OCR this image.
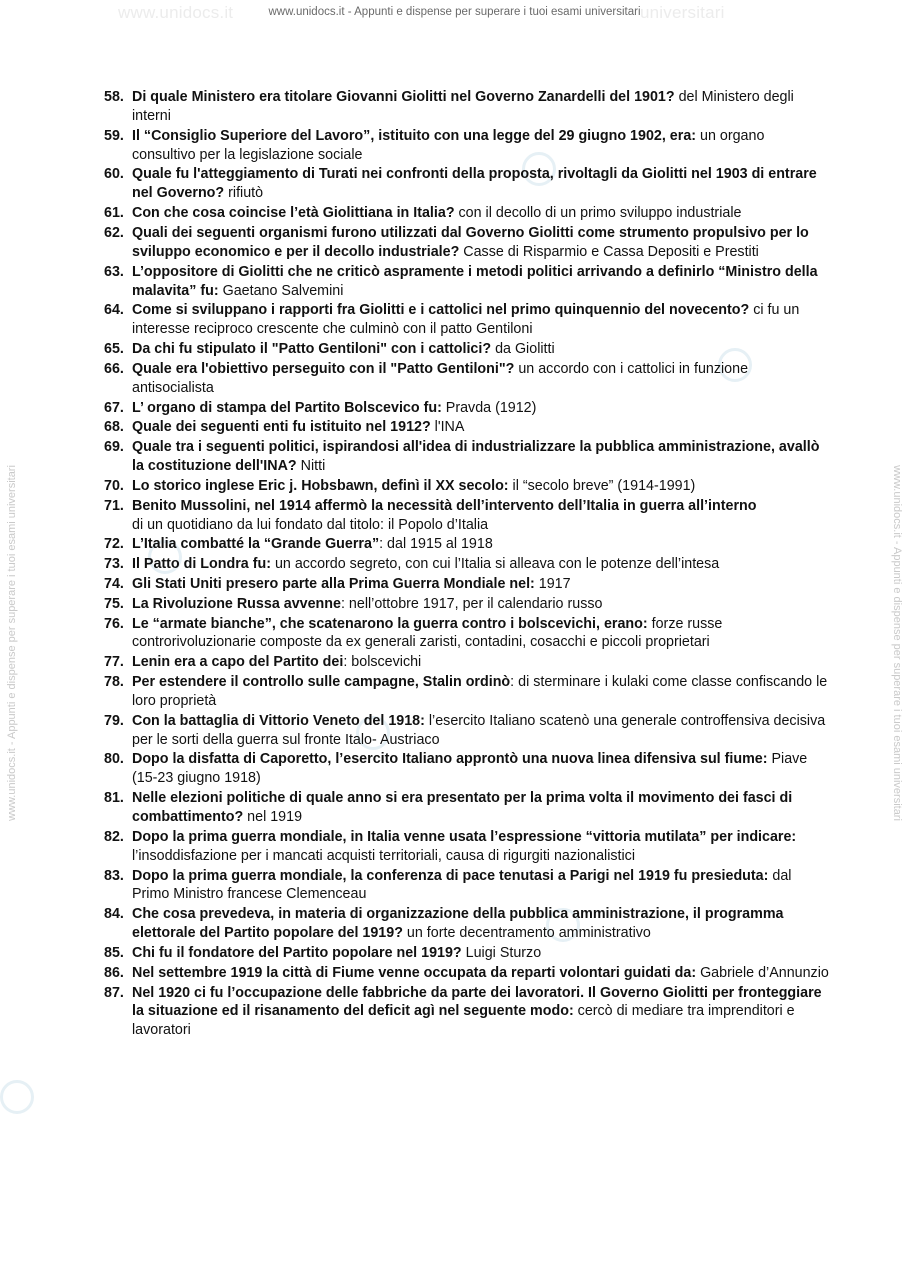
www.unidocs.it	universitari
www.unidocs.it - Appunti e dispense per superare i tuoi esami universitari
www.unidocs.it - Appunti e dispense per superare i tuoi esami universitari	www.unidocs.it - Appunti e dispense per superare i tuoi esami universitari
58. Di quale Ministero era titolare Giovanni Giolitti nel Governo Zanardelli del 1901? del Ministero degli interni
59. Il “Consiglio Superiore del Lavoro”, istituito con una legge del 29 giugno 1902, era: un organo consultivo per la legislazione sociale
60. Quale fu l'atteggiamento di Turati nei confronti della proposta, rivoltagli da Giolitti nel 1903 di entrare nel Governo? rifiutò
61. Con che cosa coincise l’età Giolittiana in Italia? con il decollo di un primo sviluppo industriale
62. Quali dei seguenti organismi furono utilizzati dal Governo Giolitti come strumento propulsivo per lo sviluppo economico e per il decollo industriale? Casse di Risparmio e Cassa Depositi e Prestiti
63. L’oppositore di Giolitti che ne criticò aspramente i metodi politici arrivando a definirlo “Ministro della malavita” fu: Gaetano Salvemini
64. Come si sviluppano i rapporti fra Giolitti e i cattolici nel primo quinquennio del novecento? ci fu un interesse reciproco crescente che culminò con il patto Gentiloni
65. Da chi fu stipulato il "Patto Gentiloni" con i cattolici? da Giolitti
66. Quale era l'obiettivo perseguito con il "Patto Gentiloni"? un accordo con i cattolici in funzione antisocialista
67. L’ organo di stampa del Partito Bolscevico fu: Pravda (1912)
68. Quale dei seguenti enti fu istituito nel 1912? l'INA
69. Quale tra i seguenti politici, ispirandosi all'idea di industrializzare la pubblica amministrazione, avallò la costituzione dell'INA? Nitti
70. Lo storico inglese Eric j. Hobsbawn, definì il XX secolo: il “secolo breve” (1914-1991)
71. Benito Mussolini, nel 1914 affermò la necessità dell’intervento dell’Italia in guerra all’interno
di un quotidiano da lui fondato dal titolo: il Popolo d’Italia
72. L’Italia combatté la “Grande Guerra”: dal 1915 al 1918
73. Il Patto di Londra fu: un accordo segreto, con cui l’Italia si alleava con le potenze dell’intesa
74. Gli Stati Uniti presero parte alla Prima Guerra Mondiale nel: 1917
75. La Rivoluzione Russa avvenne: nell’ottobre 1917, per il calendario russo
76. Le “armate bianche”, che scatenarono la guerra contro i bolscevichi, erano: forze russe controrivoluzionarie composte da ex generali zaristi, contadini, cosacchi e piccoli proprietari
77. Lenin era a capo del Partito dei: bolscevichi
78. Per estendere il controllo sulle campagne, Stalin ordinò: di sterminare i kulaki come classe confiscando le loro proprietà
79. Con la battaglia di Vittorio Veneto del 1918: l’esercito Italiano scatenò una generale controffensiva decisiva per le sorti della guerra sul fronte Italo- Austriaco
80. Dopo la disfatta di Caporetto, l’esercito Italiano approntò una nuova linea difensiva sul fiume: Piave (15-23 giugno 1918)
81. Nelle elezioni politiche di quale anno si era presentato per la prima volta il movimento dei fasci di combattimento? nel 1919
82. Dopo la prima guerra mondiale, in Italia venne usata l’espressione “vittoria mutilata” per indicare: l’insoddisfazione per i mancati acquisti territoriali, causa di rigurgiti nazionalistici
83. Dopo la prima guerra mondiale, la conferenza di pace tenutasi a Parigi nel 1919 fu presieduta: dal Primo Ministro francese Clemenceau
84. Che cosa prevedeva, in materia di organizzazione della pubblica amministrazione, il programma elettorale del Partito popolare del 1919? un forte decentramento amministrativo
85. Chi fu il fondatore del Partito popolare nel 1919? Luigi Sturzo
86. Nel settembre 1919 la città di Fiume venne occupata da reparti volontari guidati da: Gabriele d’Annunzio
87. Nel 1920 ci fu l’occupazione delle fabbriche da parte dei lavoratori. Il Governo Giolitti per fronteggiare la situazione ed il risanamento del deficit agì nel seguente modo: cercò di mediare tra imprenditori e lavoratori
